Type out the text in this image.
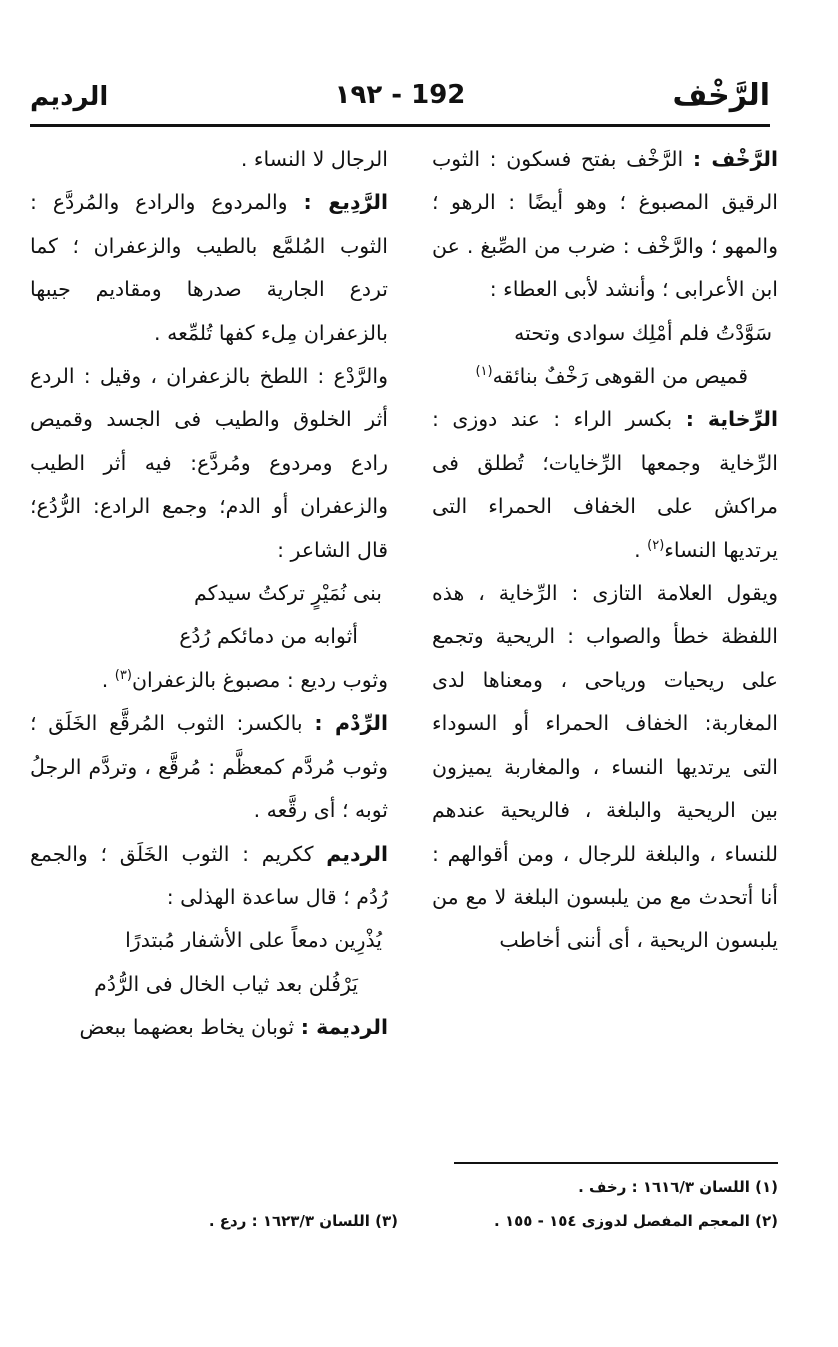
الرَّخْف
١٩٢ - 192
الرديم

الرَّخْف : الرَّخْف بفتح فسكون : الثوب الرقيق المصبوغ ؛ وهو أيضًا : الرهو ؛ والمهو ؛ والرَّخْف : ضرب من الصِّبغ . عن ابن الأعرابى ؛ وأنشد لأبى العطاء :

سَوَّدْتُ فلم أمْلِك سوادى وتحته

قميص من القوهى رَخْفٌ بنائقه$^{(١)}$

الرِّخاية : بكسر الراء : عند دوزى : الرِّخاية وجمعها الرِّخايات؛ تُطلق فى مراكش على الخفاف الحمراء التى يرتديها النساء$^{(٢)}$ .

ويقول العلامة التازى : الرِّخاية ، هذه اللفظة خطأ والصواب : الريحية وتجمع على ريحيات ورياحى ، ومعناها لدى المغاربة: الخفاف الحمراء أو السوداء التى يرتديها النساء ، والمغاربة يميزون بين الريحية والبلغة ، فالريحية عندهم للنساء ، والبلغة للرجال ، ومن أقوالهم : أنا أتحدث مع من يلبسون البلغة لا مع من يلبسون الريحية ، أى أننى أخاطب

الرجال لا النساء .

الرَّدِيع : والمردوع والرادع والمُردَّع : الثوب المُلمَّع بالطيب والزعفران ؛ كما تردع الجارية صدرها ومقاديم جيبها بالزعفران مِلء كفها تُلمِّعه .

والرَّدْع : اللطخ بالزعفران ، وقيل : الردع أثر الخلوق والطيب فى الجسد وقميص رادع ومردوع ومُردَّع: فيه أثر الطيب والزعفران أو الدم؛ وجمع الرادع: الرُّدُع؛ قال الشاعر :

بنى نُمَيْرٍ تركتُ سيدكم

أثوابه من دمائكم رُدُع

وثوب رديع : مصبوغ بالزعفران$^{(٣)}$ .

الرِّدْم : بالكسر: الثوب المُرقَّع الخَلَق ؛ وثوب مُردَّم كمعظَّم : مُرقَّع ، وتردَّم الرجلُ ثوبه ؛ أى رقَّعه .

الرديم ككريم : الثوب الخَلَق ؛ والجمع رُدُم ؛ قال ساعدة الهذلى :

يُذْرِين دمعاً على الأشفار مُبتدرًا

يَرْفُلن بعد ثياب الخال فى الرُّدُم

الرديمة : ثوبان يخاط بعضهما ببعض

(١) اللسان ١٦١٦/٣ : رخف .
(٢) المعجم المفصل لدوزى ١٥٤ - ١٥٥ .
(٣) اللسان ١٦٢٣/٣ : ردع .
